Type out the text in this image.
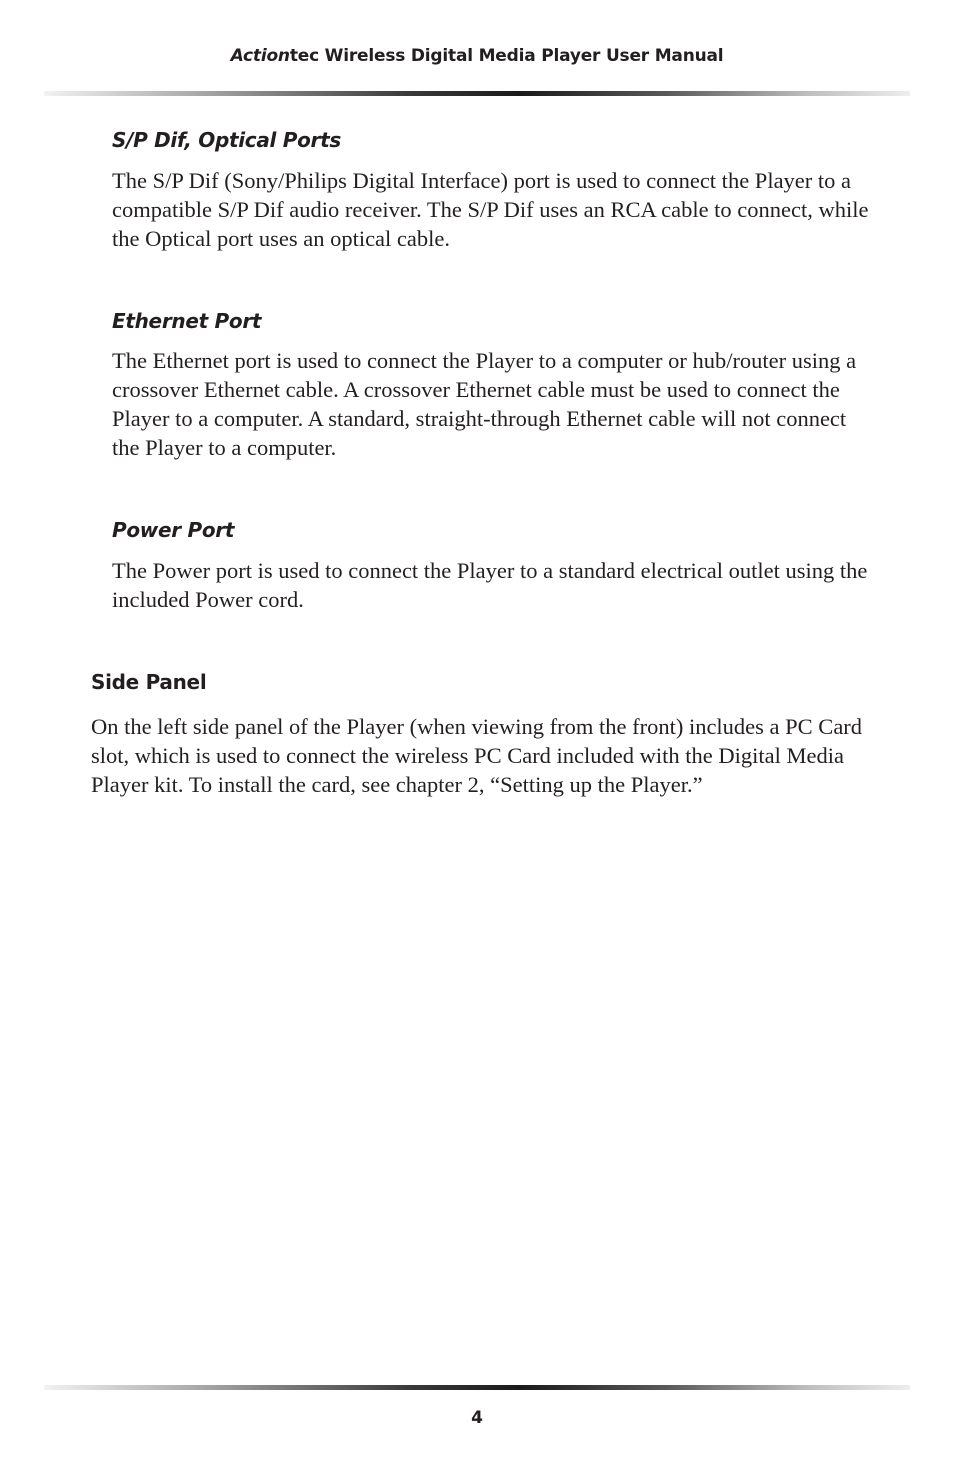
Actiontec Wireless Digital Media Player User Manual
S/P Dif, Optical Ports

The S/P Dif (Sony/Philips Digital Interface) port is used to connect the Player to a compatible S/P Dif audio receiver. The S/P Dif uses an RCA cable to connect, while the Optical port uses an optical cable.

Ethernet Port

The Ethernet port is used to connect the Player to a computer or hub/router using a crossover Ethernet cable. A crossover Ethernet cable must be used to connect the Player to a computer. A standard, straight-through Ethernet cable will not connect the Player to a computer.

Power Port

The Power port is used to connect the Player to a standard electrical outlet using the included Power cord.

Side Panel

On the left side panel of the Player (when viewing from the front) includes a PC Card slot, which is used to connect the wireless PC Card included with the Digital Media Player kit. To install the card, see chapter 2, “Setting up the Player.”

4
